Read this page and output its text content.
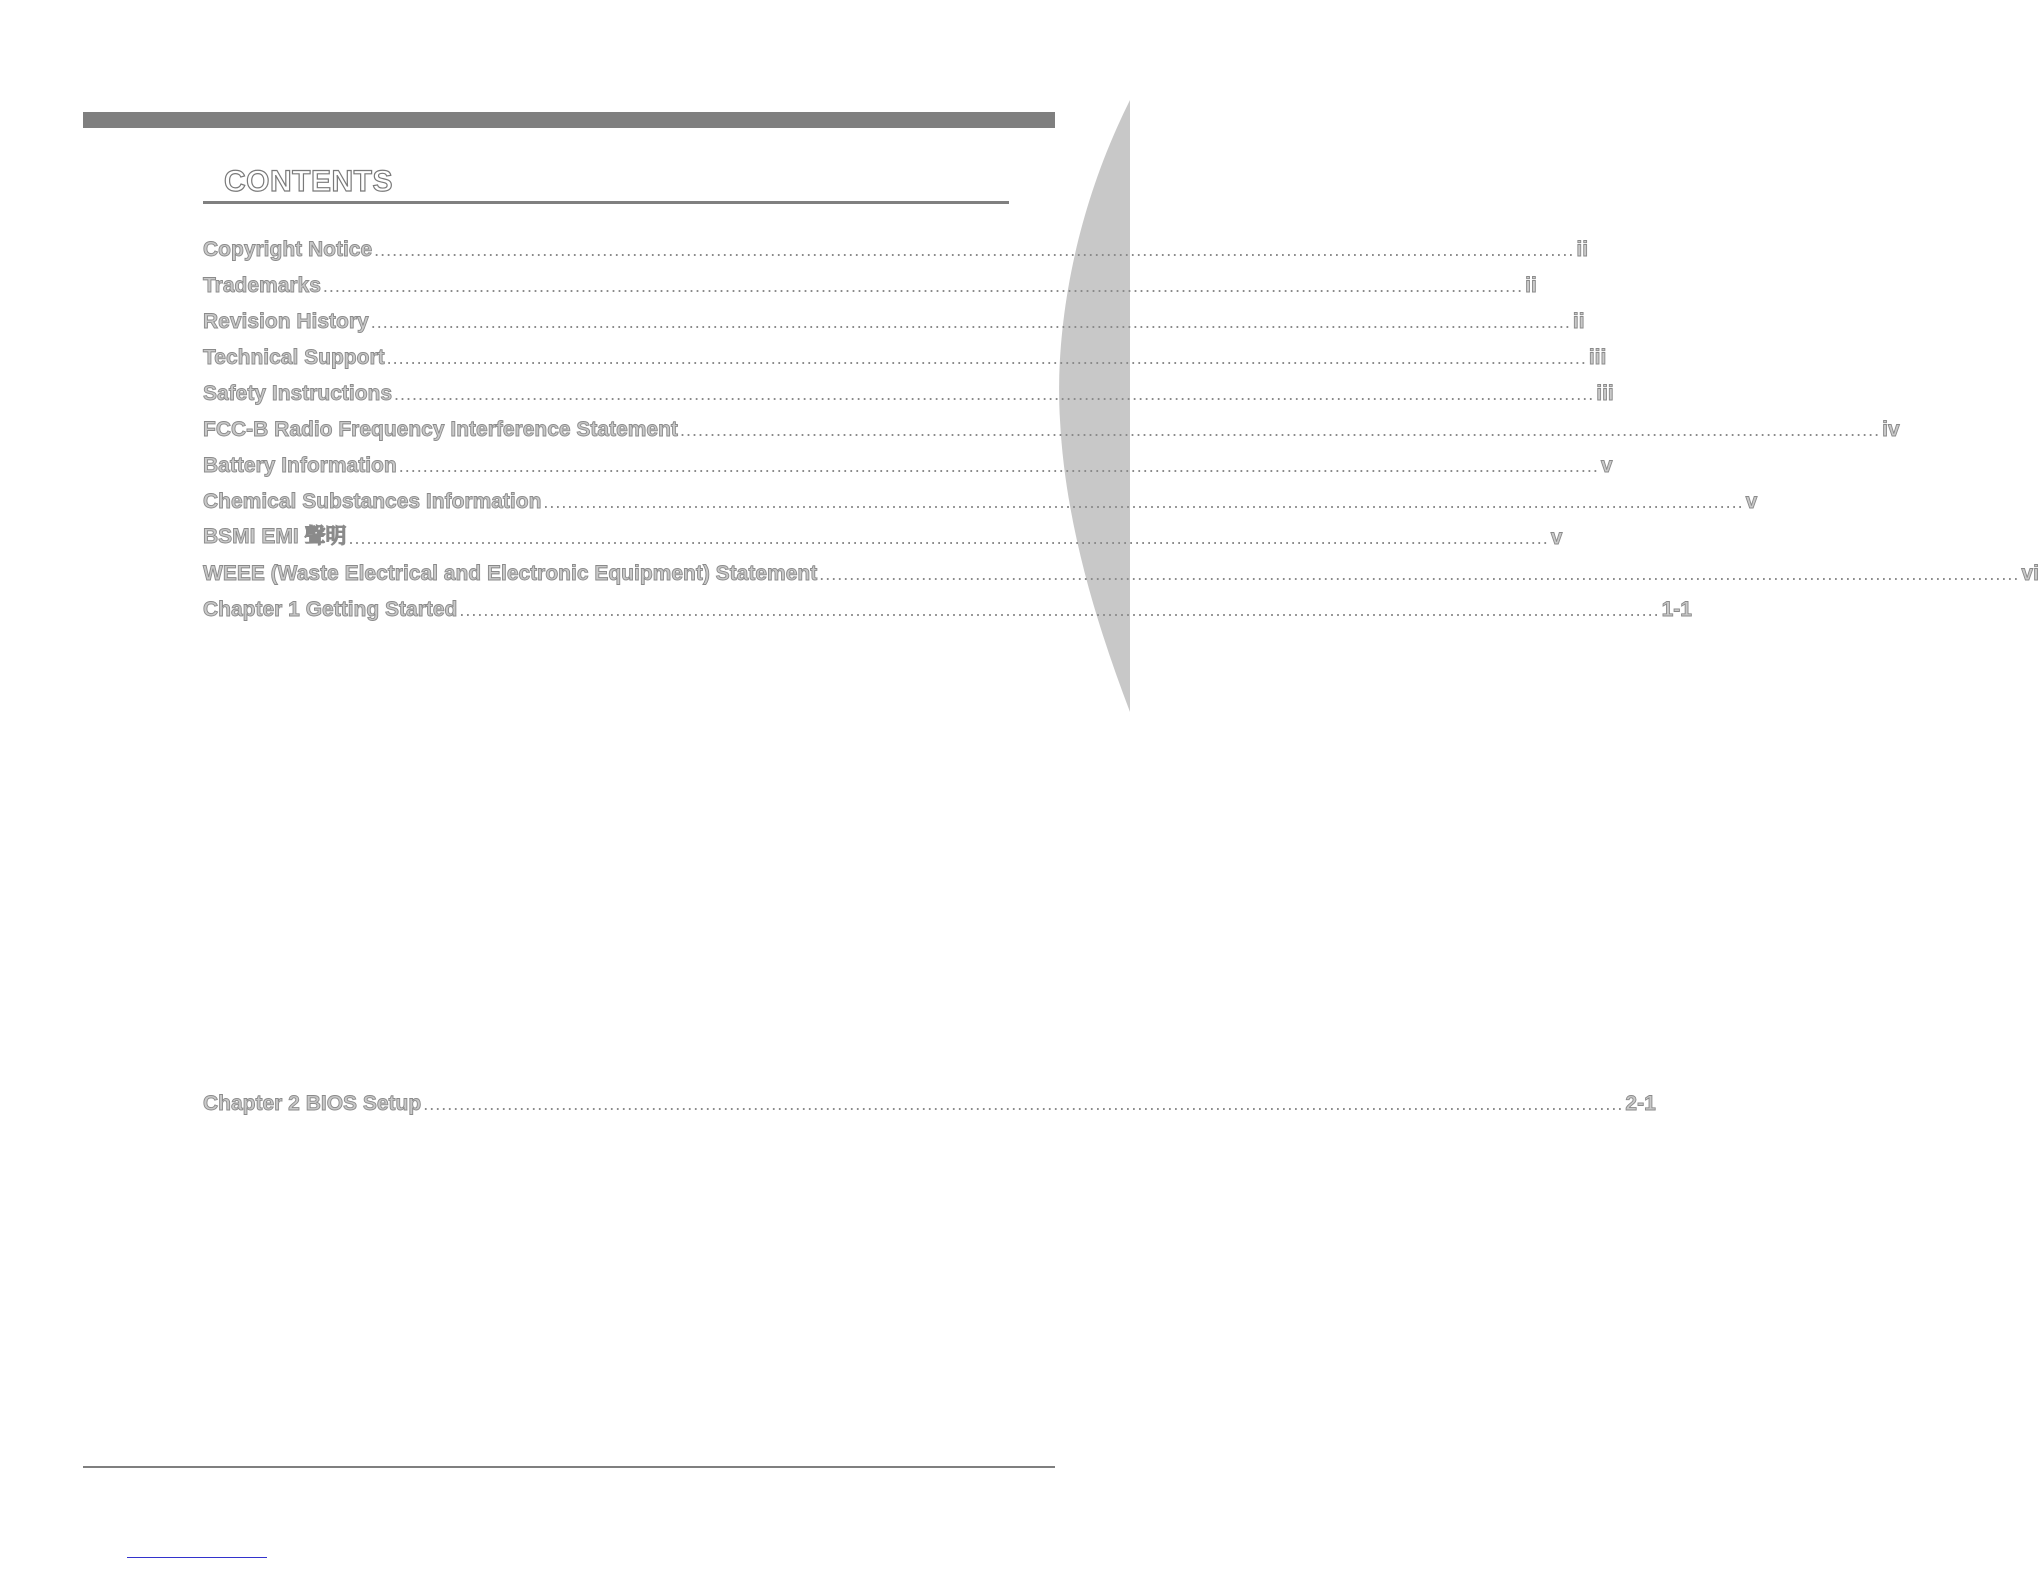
CONTENTS
Copyright Notice ........................................................................................................................................................................................................ ii
Trademarks ........................................................................................................................................................................................................ ii
Revision History ........................................................................................................................................................................................................ ii
Technical Support ........................................................................................................................................................................................................ iii
Safety Instructions ........................................................................................................................................................................................................ iii
FCC-B Radio Frequency Interference Statement ........................................................................................................................................................................................................ iv
Battery Information ........................................................................................................................................................................................................ v
Chemical Substances Information ........................................................................................................................................................................................................ v
BSMI EMI 聲明 ........................................................................................................................................................................................................ v
WEEE (Waste Electrical and Electronic Equipment) Statement ........................................................................................................................................................................................................ vi
Chapter 1 Getting Started ........................................................................................................................................................................................................ 1-1
Chapter 2 BIOS Setup ........................................................................................................................................................................................................ 2-1
